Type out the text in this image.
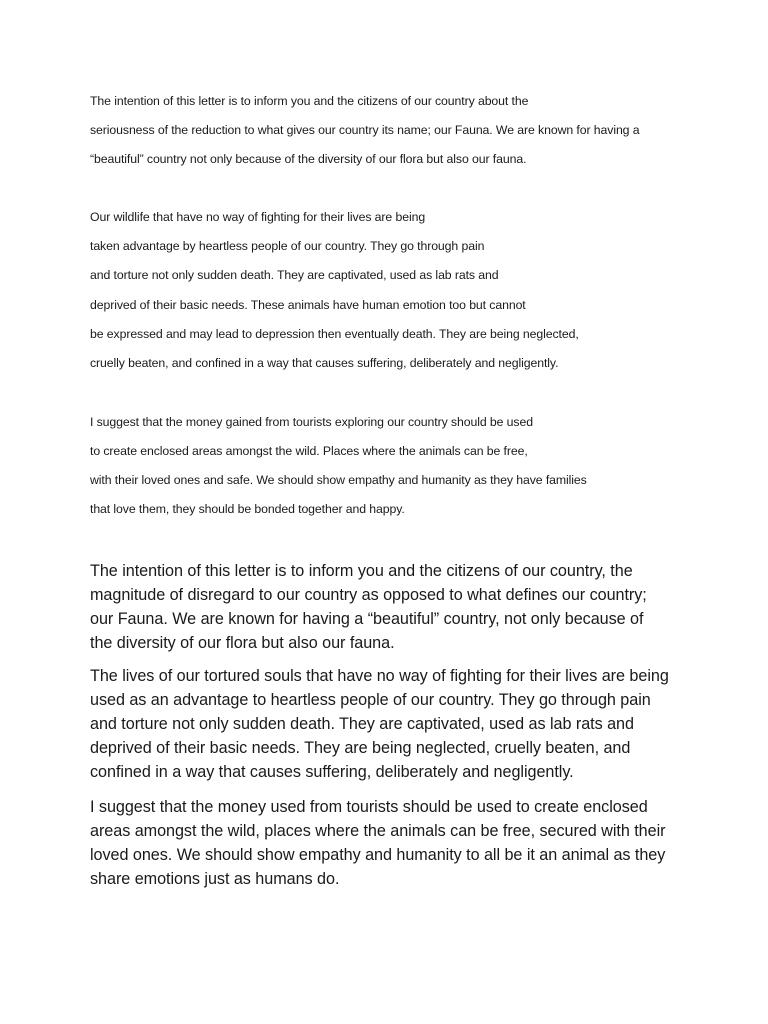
The intention of this letter is to inform you and the citizens of our country about the

seriousness of the reduction to what gives our country its name; our Fauna. We are known for having a

“beautiful” country not only because of the diversity of our flora but also our fauna.

Our wildlife that have no way of fighting for their lives are being

taken advantage by heartless people of our country. They go through pain

and torture not only sudden death. They are captivated, used as lab rats and

deprived of their basic needs. These animals have human emotion too but cannot

be expressed and may lead to depression then eventually death. They are being neglected,

cruelly beaten, and confined in a way that causes suffering, deliberately and negligently.

I suggest that the money gained from tourists exploring our country should be used

to create enclosed areas amongst the wild. Places where the animals can be free,

with their loved ones and safe. We should show empathy and humanity as they have families

that love them, they should be bonded together and happy.

The intention of this letter is to inform you and the citizens of our country, the

magnitude of disregard to our country as opposed to what defines our country;

our Fauna. We are known for having a “beautiful” country, not only because of

the diversity of our flora but also our fauna.

The lives of our tortured souls that have no way of fighting for their lives are being

used as an advantage to heartless people of our country. They go through pain

and torture not only sudden death. They are captivated, used as lab rats and

deprived of their basic needs. They are being neglected, cruelly beaten, and

confined in a way that causes suffering, deliberately and negligently.

I suggest that the money used from tourists should be used to create enclosed

areas amongst the wild, places where the animals can be free, secured with their

loved ones. We should show empathy and humanity to all be it an animal as they

share emotions just as humans do.
